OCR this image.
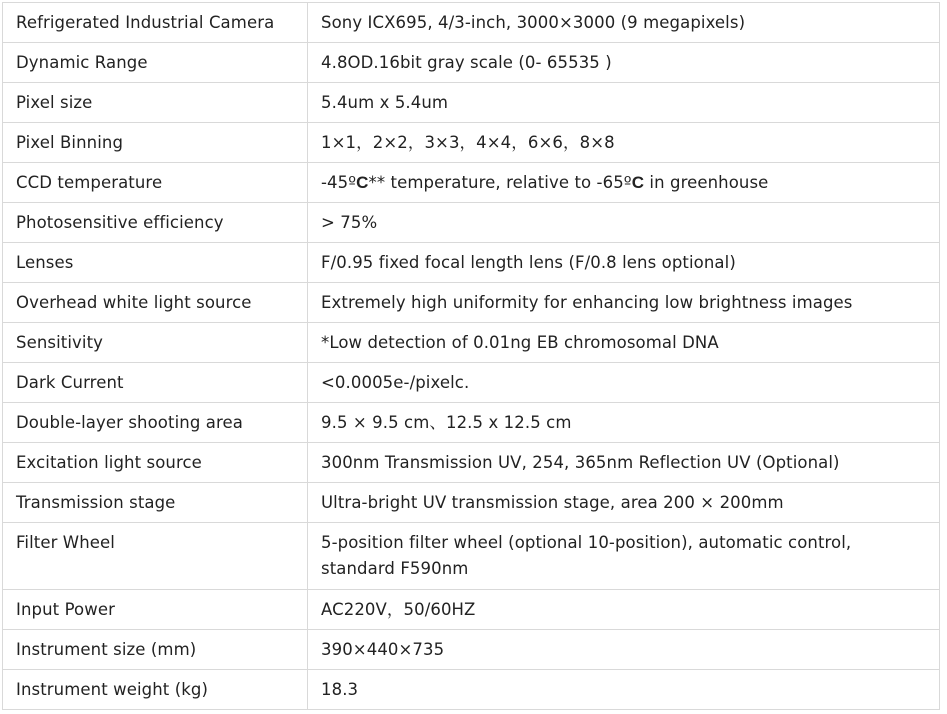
Refrigerated Industrial Camera	Sony ICX695, 4/3-inch, 3000×3000 (9 megapixels)
Dynamic Range	4.8OD.16bit gray scale (0- 65535 )
Pixel size	5.4um x 5.4um
Pixel Binning	1×1，2×2，3×3，4×4，6×6，8×8
CCD temperature	-45ºC** temperature, relative to -65ºC in greenhouse
Photosensitive efficiency	> 75%
Lenses	F/0.95 fixed focal length lens (F/0.8 lens optional)
Overhead white light source	Extremely high uniformity for enhancing low brightness images
Sensitivity	*Low detection of 0.01ng EB chromosomal DNA
Dark Current	<0.0005e-/pixelc.
Double-layer shooting area	9.5 × 9.5 cm、12.5 x 12.5 cm
Excitation light source	300nm Transmission UV, 254, 365nm Reflection UV (Optional)
Transmission stage	Ultra-bright UV transmission stage, area 200 × 200mm
Filter Wheel	5-position filter wheel (optional 10-position), automatic control,
standard F590nm
Input Power	AC220V，50/60HZ
Instrument size (mm)	390×440×735
Instrument weight (kg)	18.3
